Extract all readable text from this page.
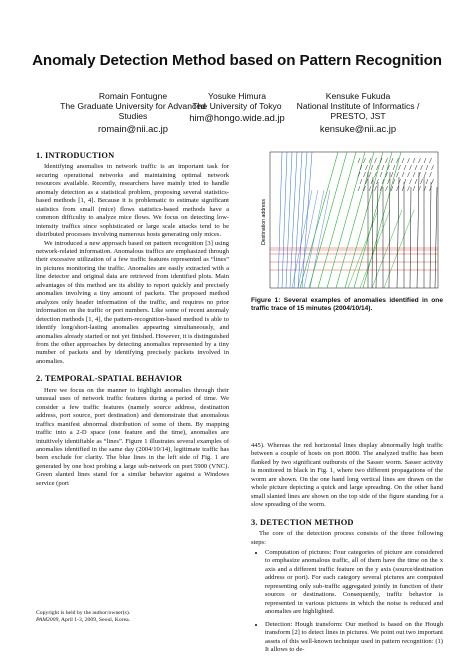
Anomaly Detection Method based on Pattern Recognition
Romain Fontugne
The Graduate University for Advanced Studies
romain@nii.ac.jp
Yosuke Himura
The University of Tokyo
him@hongo.wide.ad.jp
Kensuke Fukuda
National Institute of Informatics / PRESTO, JST
kensuke@nii.ac.jp
1. INTRODUCTION

Identifying anomalies in network traffic is an important task for securing operational networks and maintaining optimal network resources available. Recently, researchers have mainly tried to handle anomaly detection as a statistical problem, proposing several statistics-based methods [1, 4]. Because it is problematic to estimate significant statistics from small (mice) flows statistics-based methods have a common difficulty to analyze mice flows. We focus on detecting low-intensity traffics since sophisticated or large scale attacks tend to be distributed processes involving numerous hosts generating only mices.

We introduced a new approach based on pattern recognition [3] using network-related information. Anomalous traffics are emphasized through their excessive utilization of a few traffic features represented as “lines” in pictures monitoring the traffic. Anomalies are easily extracted with a line detector and original data are retrieved from identified plots. Main advantages of this method are its ability to report quickly and precisely anomalies involving a tiny amount of packets. The proposed method analyzes only header information of the traffic, and requires no prior information on the traffic or port numbers. Like some of recent anomaly detection methods [1, 4], the pattern-recognition-based method is able to identify long/short-lasting anomalies appearing simultaneously, and anomalies already started or not yet finished. However, it is distinguished from the other approaches by detecting anomalies represented by a tiny number of packets and by identifying precisely packets involved in anomalies.

2. TEMPORAL-SPATIAL BEHAVIOR

Here we focus on the manner to highlight anomalies through their unusual uses of network traffic features during a period of time. We consider a few traffic features (namely source address, destination address, port source, port destination) and demonstrate that anomalous traffics manifest abnormal distribution of some of them. By mapping traffic into a 2-D space (one feature and the time), anomalies are intuitively identifiable as “lines”. Figure 1 illustrates several examples of anomalies identified in the same day (2004/10/14), legitimate traffic has been exclude for clarity. The blue lines in the left side of Fig. 1 are generated by one host probing a large sub-network on port 5900 (VNC). Green slanted lines stand for a similar behavior against a Windows service (port

Destination address
Figure 1: Several examples of anomalies identified in one traffic trace of 15 minutes (2004/10/14).

445). Whereas the red horizontal lines display abnormally high traffic between a couple of hosts on port 8000. The analyzed traffic has been flanked by two significant outbursts of the Sasser worm. Sasser activity is monitored in black in Fig. 1, where two different propagations of the worm are shown. On the one hand long vertical lines are drawn on the whole picture depicting a quick and large spreading. On the other hand small slanted lines are shown on the top side of the figure standing for a slow spreading of the worm.

3. DETECTION METHOD

The core of the detection process consists of the three following steps:

• Computation of pictures: Four categories of picture are considered to emphasize anomalous traffic, all of them have the time on the x axis and a different traffic feature on the y axis (source/destination address or port). For each category several pictures are computed representing only sub-traffic aggregated jointly in function of their sources or destinations. Consequently, traffic behavior is represented in various pictures in which the noise is reduced and anomalies are highlighted.
• Detection: Hough transform: Our method is based on the Hough transform [2] to detect lines in pictures. We point out two important assets of this well-known technique used in pattern recognition: (1) It allows to de-
Copyright is held by the author/owner(s).
PAM2009, April 1-3, 2009, Seoul, Korea.
